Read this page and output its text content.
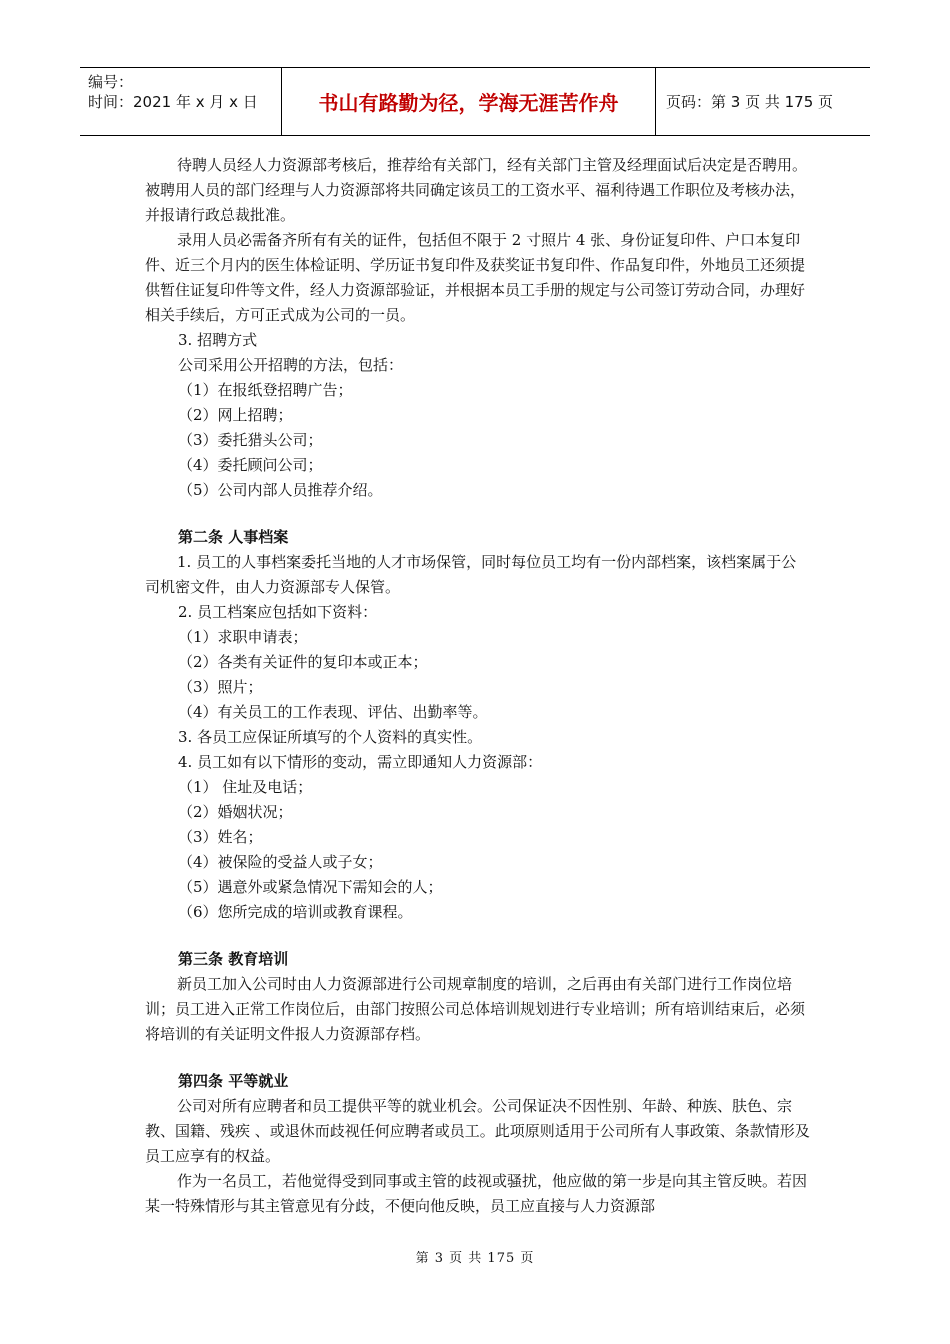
编号：
时间：2021 年 x 月 x 日	书山有路勤为径，学海无涯苦作舟	页码：第 3 页 共 175 页

待聘人员经人力资源部考核后，推荐给有关部门，经有关部门主管及经理面试后决定是否聘用。被聘用人员的部门经理与人力资源部将共同确定该员工的工资水平、福利待遇工作职位及考核办法，并报请行政总裁批准。

录用人员必需备齐所有有关的证件，包括但不限于 2 寸照片 4 张、身份证复印件、户口本复印件、近三个月内的医生体检证明、学历证书复印件及获奖证书复印件、作品复印件，外地员工还须提供暂住证复印件等文件，经人力资源部验证，并根据本员工手册的规定与公司签订劳动合同，办理好相关手续后，方可正式成为公司的一员。

3. 招聘方式

公司采用公开招聘的方法，包括：

（1）在报纸登招聘广告；

（2）网上招聘；

（3）委托猎头公司；

（4）委托顾问公司；

（5）公司内部人员推荐介绍。

第二条 人事档案

1. 员工的人事档案委托当地的人才市场保管，同时每位员工均有一份内部档案，该档案属于公司机密文件，由人力资源部专人保管。

2. 员工档案应包括如下资料：

（1）求职申请表；

（2）各类有关证件的复印本或正本；

（3）照片；

（4）有关员工的工作表现、评估、出勤率等。

3. 各员工应保证所填写的个人资料的真实性。

4. 员工如有以下情形的变动，需立即通知人力资源部：

（1） 住址及电话；

（2）婚姻状况；

（3）姓名；

（4）被保险的受益人或子女；

（5）遇意外或紧急情况下需知会的人；

（6）您所完成的培训或教育课程。

第三条 教育培训

新员工加入公司时由人力资源部进行公司规章制度的培训，之后再由有关部门进行工作岗位培训；员工进入正常工作岗位后，由部门按照公司总体培训规划进行专业培训；所有培训结束后，必须将培训的有关证明文件报人力资源部存档。

第四条 平等就业

公司对所有应聘者和员工提供平等的就业机会。公司保证决不因性别、年龄、种族、肤色、宗教、国籍、残疾 、或退休而歧视任何应聘者或员工。此项原则适用于公司所有人事政策、条款情形及员工应享有的权益。

作为一名员工，若他觉得受到同事或主管的歧视或骚扰，他应做的第一步是向其主管反映。若因某一特殊情形与其主管意见有分歧，不便向他反映，员工应直接与人力资源部

第 3 页 共 175 页
